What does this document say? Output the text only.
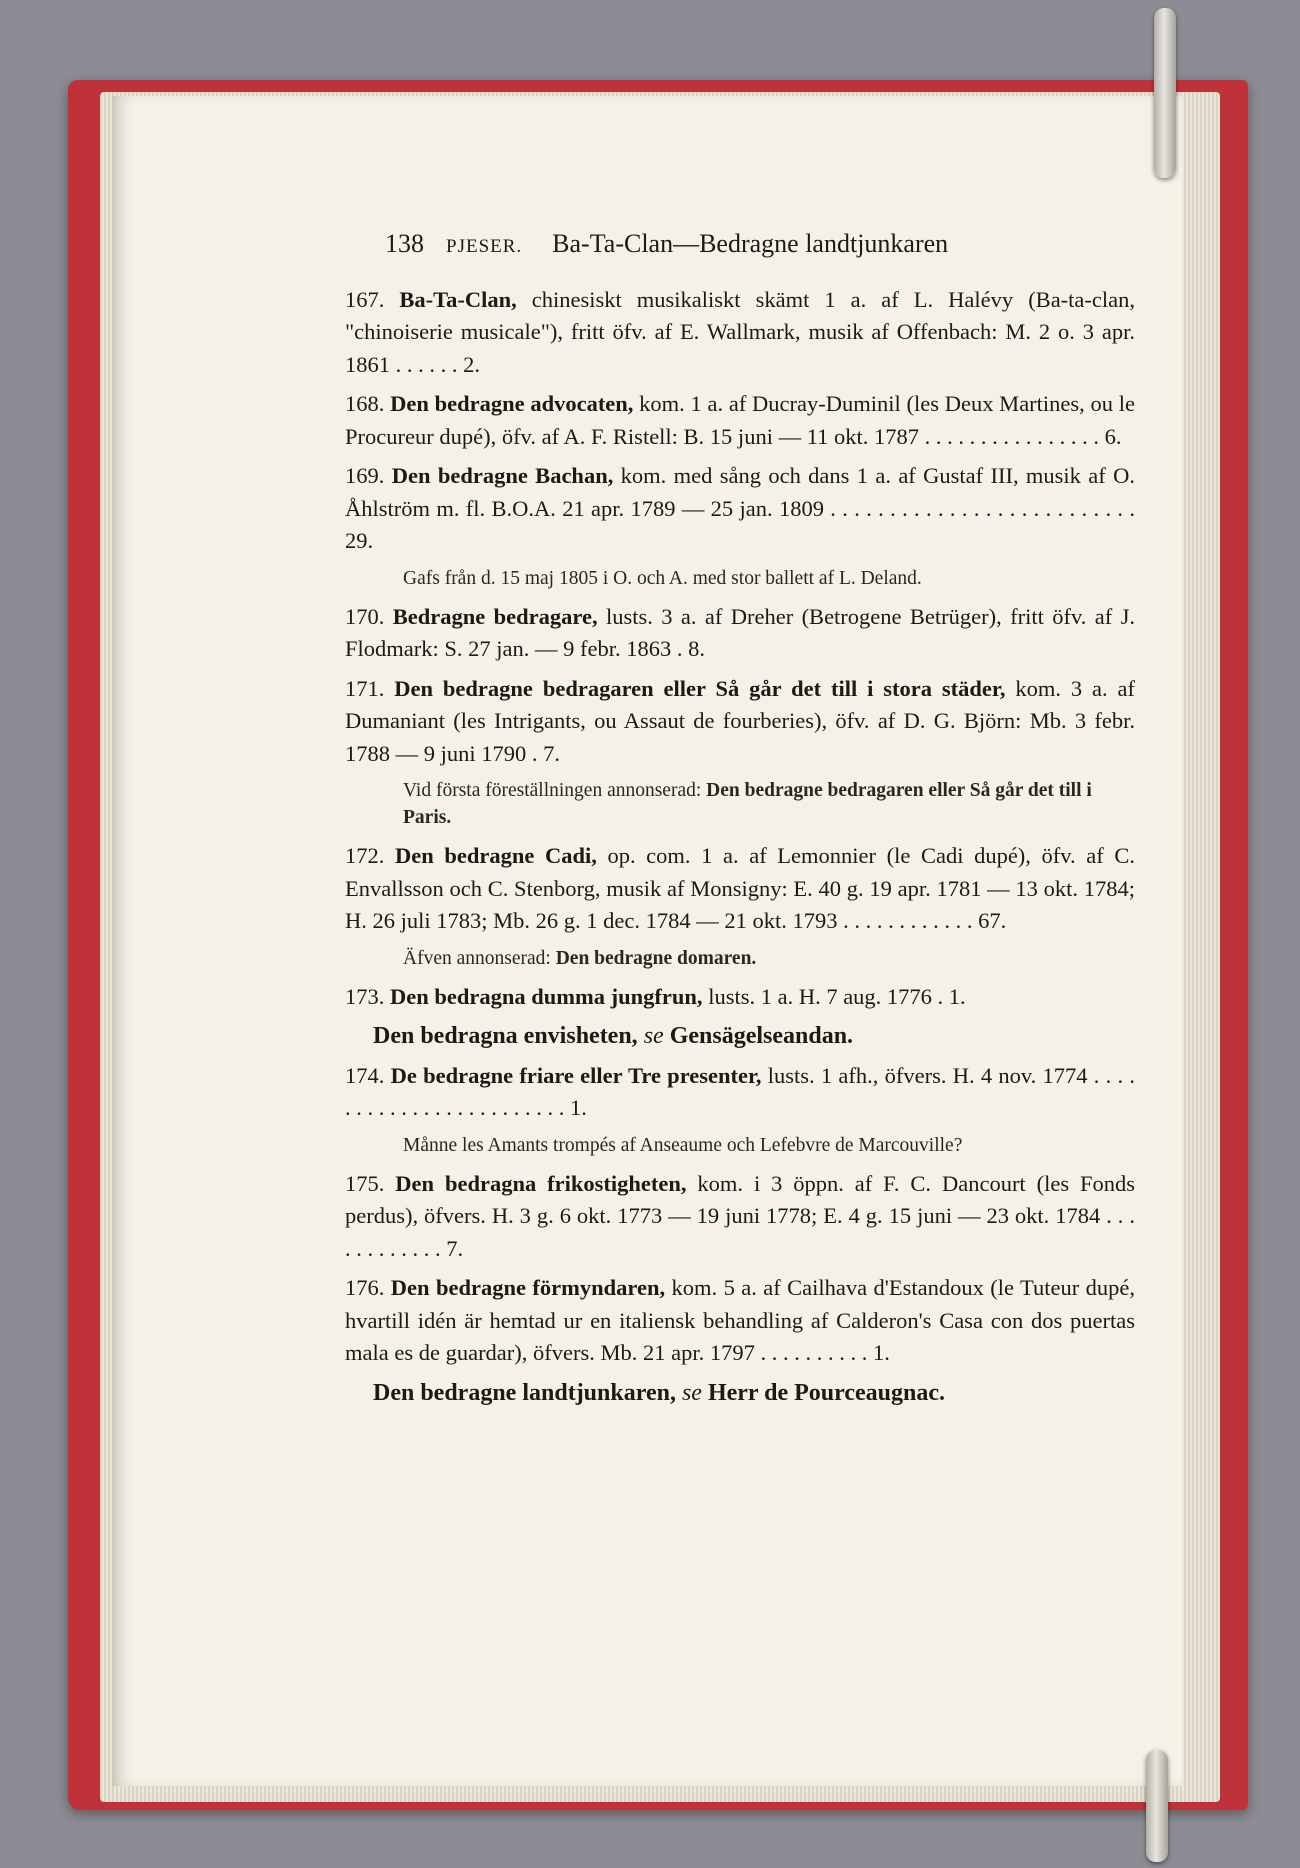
138 PJESER. Ba-Ta-Clan—Bedragne landtjunkaren

167. Ba-Ta-Clan, chinesiskt musikaliskt skämt 1 a. af L. Halévy (Ba-ta-clan, "chinoiserie musicale"), fritt öfv. af E. Wallmark, musik af Offenbach: M. 2 o. 3 apr. 1861 . . . . . . 2.

168. Den bedragne advocaten, kom. 1 a. af Ducray-Duminil (les Deux Martines, ou le Procureur dupé), öfv. af A. F. Ristell: B. 15 juni — 11 okt. 1787 . . . . . . . . . . . . . . . . 6.

169. Den bedragne Bachan, kom. med sång och dans 1 a. af Gustaf III, musik af O. Åhlström m. fl. B.O.A. 21 apr. 1789 — 25 jan. 1809 . . . . . . . . . . . . . . . . . . . . . . . . . . 29.

Gafs från d. 15 maj 1805 i O. och A. med stor ballett af L. Deland.

170. Bedragne bedragare, lusts. 3 a. af Dreher (Betrogene Betrüger), fritt öfv. af J. Flodmark: S. 27 jan. — 9 febr. 1863 . 8.

171. Den bedragne bedragaren eller Så går det till i stora städer, kom. 3 a. af Dumaniant (les Intrigants, ou Assaut de fourberies), öfv. af D. G. Björn: Mb. 3 febr. 1788 — 9 juni 1790 . 7.

Vid första föreställningen annonserad: Den bedragne bedragaren eller Så går det till i Paris.

172. Den bedragne Cadi, op. com. 1 a. af Lemonnier (le Cadi dupé), öfv. af C. Envallsson och C. Stenborg, musik af Monsigny: E. 40 g. 19 apr. 1781 — 13 okt. 1784; H. 26 juli 1783; Mb. 26 g. 1 dec. 1784 — 21 okt. 1793 . . . . . . . . . . . . 67.

Äfven annonserad: Den bedragne domaren.

173. Den bedragna dumma jungfrun, lusts. 1 a. H. 7 aug. 1776 . 1.

Den bedragna envisheten, se Gensägelseandan.

174. De bedragne friare eller Tre presenter, lusts. 1 afh., öfvers. H. 4 nov. 1774 . . . . . . . . . . . . . . . . . . . . . . . . 1.

Månne les Amants trompés af Anseaume och Lefebvre de Marcouville?

175. Den bedragna frikostigheten, kom. i 3 öppn. af F. C. Dancourt (les Fonds perdus), öfvers. H. 3 g. 6 okt. 1773 — 19 juni 1778; E. 4 g. 15 juni — 23 okt. 1784 . . . . . . . . . . . . 7.

176. Den bedragne förmyndaren, kom. 5 a. af Cailhava d'Estandoux (le Tuteur dupé, hvartill idén är hemtad ur en italiensk behandling af Calderon's Casa con dos puertas mala es de guardar), öfvers. Mb. 21 apr. 1797 . . . . . . . . . . 1.

Den bedragne landtjunkaren, se Herr de Pourceaugnac.
